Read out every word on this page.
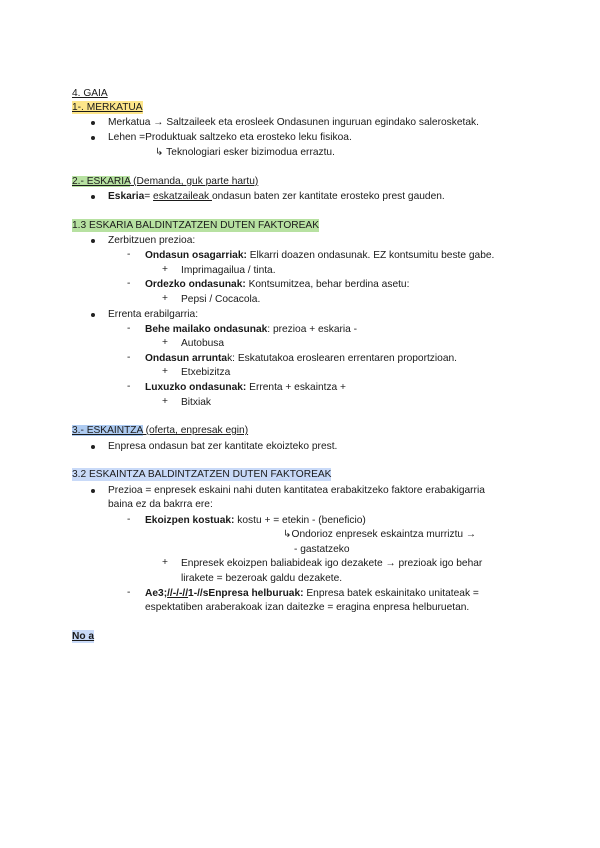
4. GAIA
1-. MERKATUA
Merkatua → Saltzaileek eta erosleek Ondasunen inguruan egindako salerosketak.
Lehen =Produktuak saltzeko eta erosteko leku fisikoa.
↳ Teknologiari esker bizimodua erraztu.
2.- ESKARIA (Demanda, guk parte hartu)
Eskaria= eskatzaileak ondasun baten zer kantitate erosteko prest gauden.
1.3 ESKARIA BALDINTZATZEN DUTEN FAKTOREAK
Zerbitzuen prezioa:
- Ondasun osagarriak: Elkarri doazen ondasunak. EZ kontsumitu beste gabe.
+ Imprimagailua / tinta.
- Ordezko ondasunak: Kontsumitzea, behar berdina asetu:
+ Pepsi / Cocacola.
Errenta erabilgarria:
- Behe mailako ondasunak: prezioa + eskaria -
+ Autobusa
- Ondasun arruntak: Eskatutakoa eroslearen errentaren proportzioan.
+ Etxebizitza
- Luxuzko ondasunak: Errenta + eskaintza +
+ Bitxiak
3.- ESKAINTZA (oferta, enpresak egin)
Enpresa ondasun bat zer kantitate ekoizteko prest.
3.2 ESKAINTZA BALDINTZATZEN DUTEN FAKTOREAK
Prezioa = enpresek eskaini nahi duten kantitatea erabakitzeko faktore erabakigarria
baina ez da bakrra ere:
- Ekoizpen kostuak: kostu + = etekin - (beneficio)
↳Ondorioz enpresek eskaintza murriztu →
- gastatzeko
+ Enpresek ekoizpen baliabideak igo dezakete → prezioak igo behar
lirakete = bezeroak galdu dezakete.
- Ae3;//-/-//1-//sEnpresa helburuak: Enpresa batek eskainitako unitateak =
espektatiben araberakoak izan daitezke = eragina enpresa helburuetan.
No a
